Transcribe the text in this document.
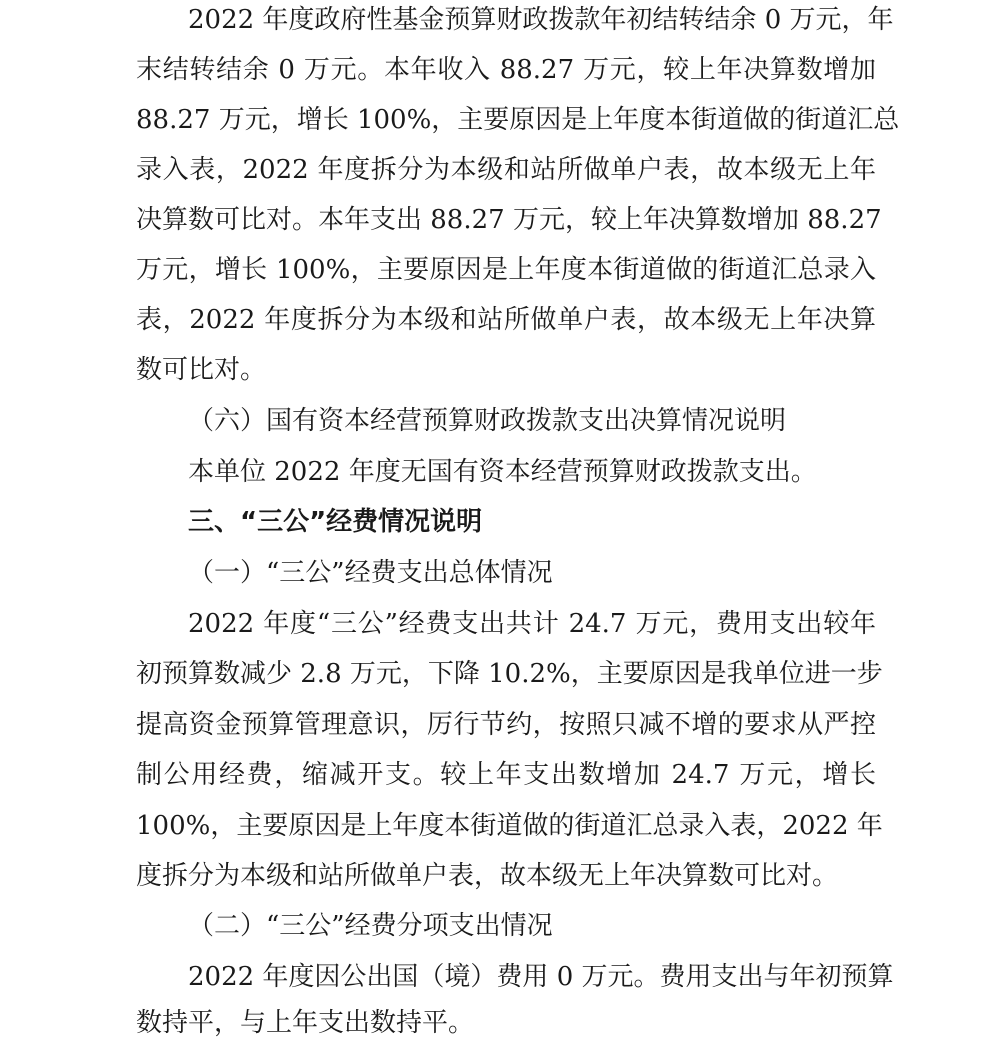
2022 年度政府性基金预算财政拨款年初结转结余 0 万元，年
末结转结余 0 万元。本年收入 88.27 万元，较上年决算数增加
88.27 万元，增长 100%，主要原因是上年度本街道做的街道汇总
录入表，2022 年度拆分为本级和站所做单户表，故本级无上年
决算数可比对。本年支出 88.27 万元，较上年决算数增加 88.27
万元，增长 100%，主要原因是上年度本街道做的街道汇总录入
表，2022 年度拆分为本级和站所做单户表，故本级无上年决算
数可比对。
（六）国有资本经营预算财政拨款支出决算情况说明
本单位 2022 年度无国有资本经营预算财政拨款支出。
三、“三公”经费情况说明
（一）“三公”经费支出总体情况
2022 年度“三公”经费支出共计 24.7 万元，费用支出较年
初预算数减少 2.8 万元，下降 10.2%，主要原因是我单位进一步
提高资金预算管理意识，厉行节约，按照只减不增的要求从严控
制公用经费，缩减开支。较上年支出数增加 24.7 万元，增长
100%，主要原因是上年度本街道做的街道汇总录入表，2022 年
度拆分为本级和站所做单户表，故本级无上年决算数可比对。
（二）“三公”经费分项支出情况
2022 年度因公出国（境）费用 0 万元。费用支出与年初预算
数持平，与上年支出数持平。
